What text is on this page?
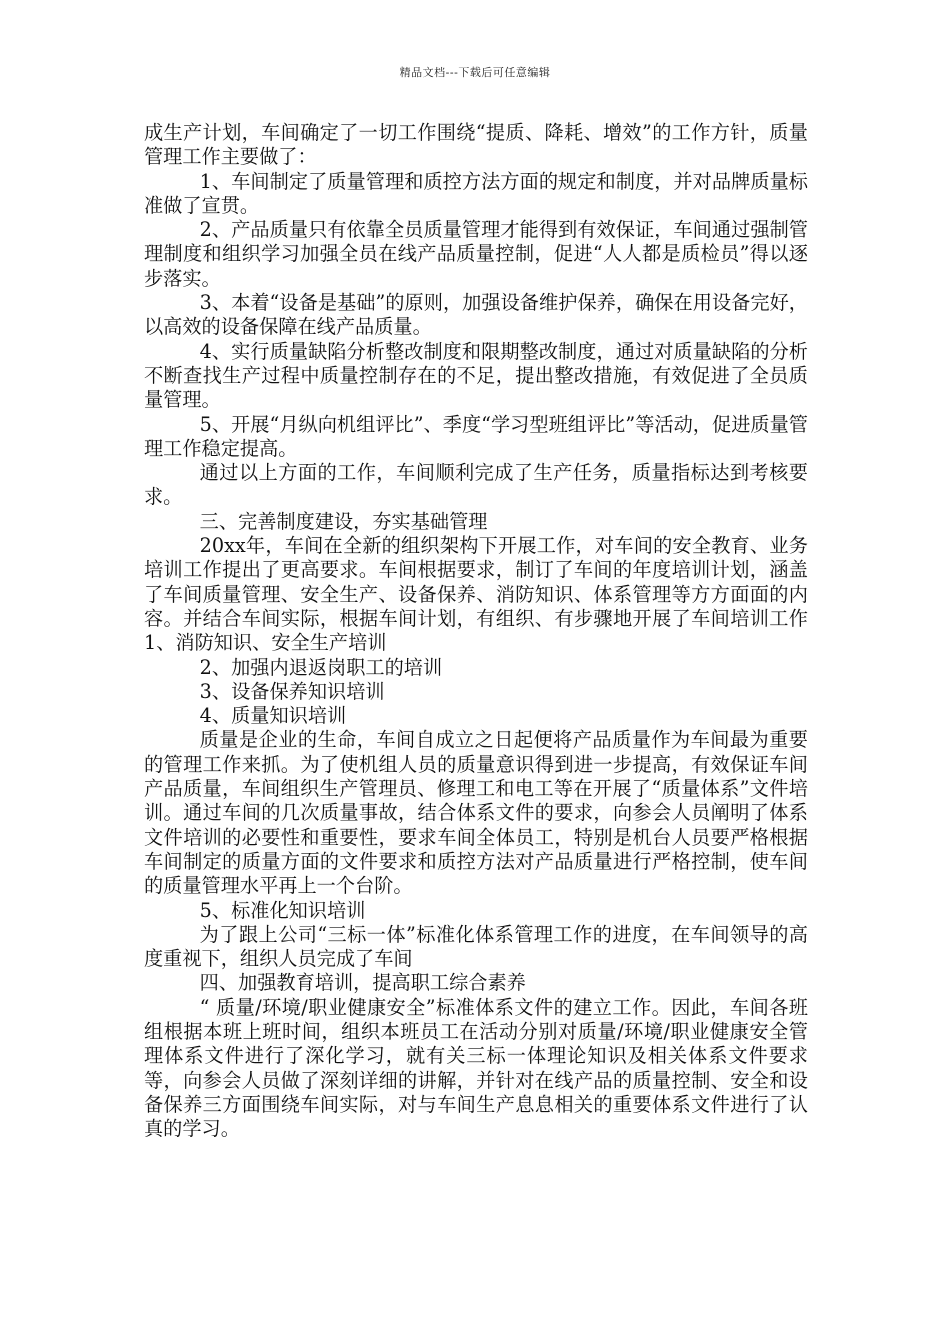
精品文档---下载后可任意编辑

成生产计划，车间确定了一切工作围绕“提质、降耗、增效”的工作方针，质量管理工作主要做了：

1、车间制定了质量管理和质控方法方面的规定和制度，并对品牌质量标准做了宣贯。

2、产品质量只有依靠全员质量管理才能得到有效保证，车间通过强制管理制度和组织学习加强全员在线产品质量控制，促进“人人都是质检员”得以逐步落实。

3、本着“设备是基础”的原则，加强设备维护保养，确保在用设备完好，以高效的设备保障在线产品质量。

4、实行质量缺陷分析整改制度和限期整改制度，通过对质量缺陷的分析不断查找生产过程中质量控制存在的不足，提出整改措施，有效促进了全员质量管理。

5、开展“月纵向机组评比”、季度“学习型班组评比”等活动，促进质量管理工作稳定提高。

通过以上方面的工作，车间顺利完成了生产任务，质量指标达到考核要求。

三、完善制度建设，夯实基础管理

20xx年，车间在全新的组织架构下开展工作，对车间的安全教育、业务培训工作提出了更高要求。车间根据要求，制订了车间的年度培训计划，涵盖了车间质量管理、安全生产、设备保养、消防知识、体系管理等方方面面的内容。并结合车间实际，根据车间计划，有组织、有步骤地开展了车间培训工作 1、消防知识、安全生产培训

2、加强内退返岗职工的培训

3、设备保养知识培训

4、质量知识培训

质量是企业的生命，车间自成立之日起便将产品质量作为车间最为重要的管理工作来抓。为了使机组人员的质量意识得到进一步提高，有效保证车间产品质量，车间组织生产管理员、修理工和电工等在开展了“质量体系”文件培训。通过车间的几次质量事故，结合体系文件的要求，向参会人员阐明了体系文件培训的必要性和重要性，要求车间全体员工，特别是机台人员要严格根据车间制定的质量方面的文件要求和质控方法对产品质量进行严格控制，使车间的质量管理水平再上一个台阶。

5、标准化知识培训

为了跟上公司“三标一体”标准化体系管理工作的进度，在车间领导的高度重视下，组织人员完成了车间

四、加强教育培训，提高职工综合素养

“ 质量/环境/职业健康安全”标准体系文件的建立工作。因此，车间各班组根据本班上班时间，组织本班员工在活动分别对质量/环境/职业健康安全管理体系文件进行了深化学习，就有关三标一体理论知识及相关体系文件要求等，向参会人员做了深刻详细的讲解，并针对在线产品的质量控制、安全和设备保养三方面围绕车间实际，对与车间生产息息相关的重要体系文件进行了认真的学习。
